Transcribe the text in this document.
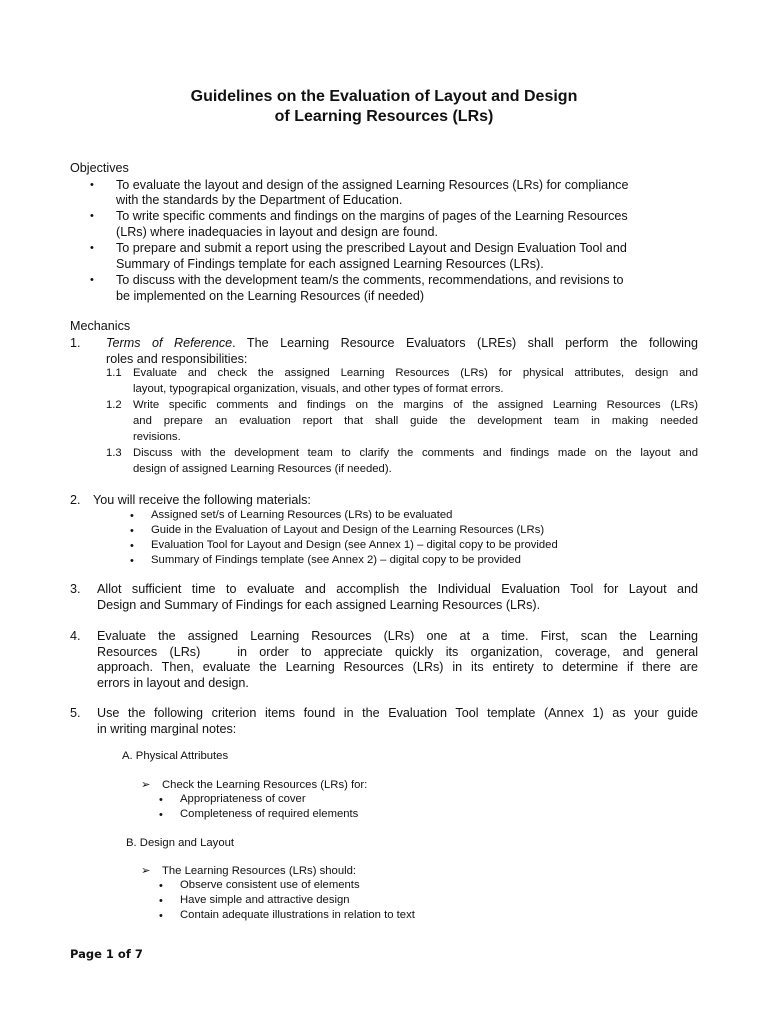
Guidelines on the Evaluation of Layout and Design
of Learning Resources (LRs)
Objectives
• To evaluate the layout and design of the assigned Learning Resources (LRs) for compliance
with the standards by the Department of Education.
• To write specific comments and findings on the margins of pages of the Learning Resources
(LRs) where inadequacies in layout and design are found.
• To prepare and submit a report using the prescribed Layout and Design Evaluation Tool and
Summary of Findings template for each assigned Learning Resources (LRs).
• To discuss with the development team/s the comments, recommendations, and revisions to
be implemented on the Learning Resources (if needed)
Mechanics
1. Terms of Reference. The Learning Resource Evaluators (LREs) shall perform the following
roles and responsibilities:
1.1 Evaluate and check the assigned Learning Resources (LRs) for physical attributes, design and
layout, typograpical organization, visuals, and other types of format errors.
1.2 Write specific comments and findings on the margins of the assigned Learning Resources (LRs)
and prepare an evaluation report that shall guide the development team in making needed
revisions.
1.3 Discuss with the development team to clarify the comments and findings made on the layout and
design of assigned Learning Resources (if needed).
2. You will receive the following materials:
• Assigned set/s of Learning Resources (LRs) to be evaluated
• Guide in the Evaluation of Layout and Design of the Learning Resources (LRs)
• Evaluation Tool for Layout and Design (see Annex 1) – digital copy to be provided
• Summary of Findings template (see Annex 2) – digital copy to be provided
3. Allot sufficient time to evaluate and accomplish the Individual Evaluation Tool for Layout and
Design and Summary of Findings for each assigned Learning Resources (LRs).
4. Evaluate the assigned Learning Resources (LRs) one at a time. First, scan the Learning
Resources (LRs)   in order to appreciate quickly its organization, coverage, and general
approach. Then, evaluate the Learning Resources (LRs) in its entirety to determine if there are
errors in layout and design.
5. Use the following criterion items found in the Evaluation Tool template (Annex 1) as your guide
in writing marginal notes:
A. Physical Attributes
➢ Check the Learning Resources (LRs) for:
• Appropriateness of cover
• Completeness of required elements
B. Design and Layout
➢ The Learning Resources (LRs) should:
• Observe consistent use of elements
• Have simple and attractive design
• Contain adequate illustrations in relation to text
Page 1 of 7
